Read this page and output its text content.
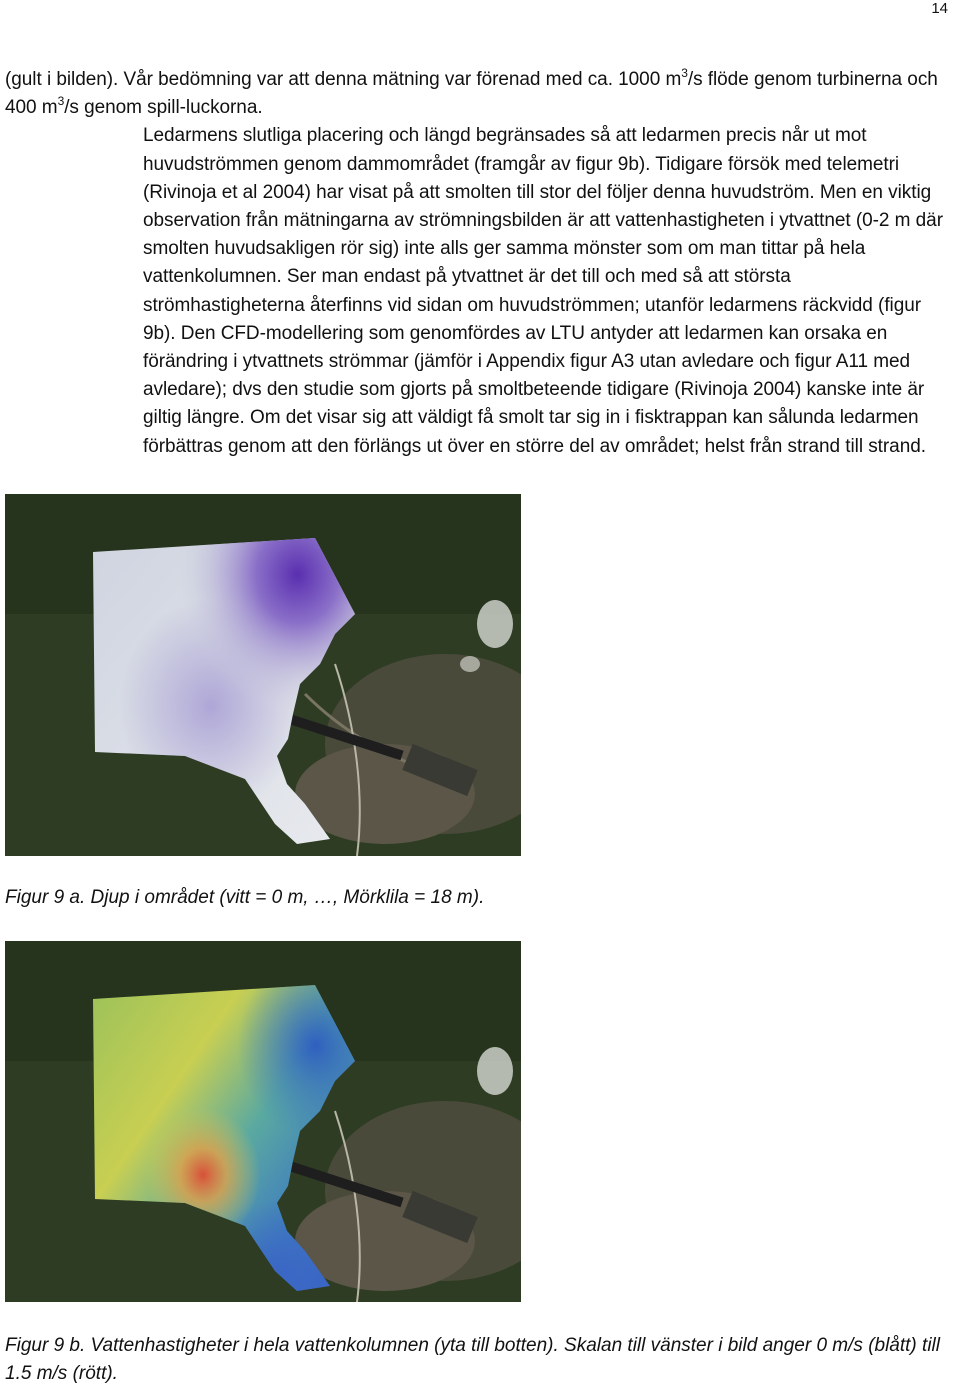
14

(gult i bilden). Vår bedömning var att denna mätning var förenad med ca. 1000 $m^3/s$ flöde genom turbinerna och 400 $m^3/s$ genom spill-luckorna.

Ledarmens slutliga placering och längd begränsades så att ledarmen precis når ut mot huvudströmmen genom dammområdet (framgår av figur 9b). Tidigare försök med telemetri (Rivinoja et al 2004) har visat på att smolten till stor del följer denna huvudström. Men en viktig observation från mätningarna av strömningsbilden är att vattenhastigheten i ytvattnet (0-2 m där smolten huvudsakligen rör sig) inte alls ger samma mönster som om man tittar på hela vattenkolumnen. Ser man endast på ytvattnet är det till och med så att största strömhastigheterna återfinns vid sidan om huvudströmmen; utanför ledarmens räckvidd (figur 9b). Den CFD-modellering som genomfördes av LTU antyder att ledarmen kan orsaka en förändring i ytvattnets strömmar (jämför i Appendix figur A3 utan avledare och figur A11 med avledare); dvs den studie som gjorts på smoltbeteende tidigare (Rivinoja 2004) kanske inte är giltig längre. Om det visar sig att väldigt få smolt tar sig in i fisktrappan kan sålunda ledarmen förbättras genom att den förlängs ut över en större del av området; helst från strand till strand.

Figur 9 a. Djup i området (vitt = 0 m, …, Mörklila = 18 m).
Figur 9 b. Vattenhastigheter i hela vattenkolumnen (yta till botten). Skalan till vänster i bild anger 0 m/s (blått) till 1.5 m/s (rött).
